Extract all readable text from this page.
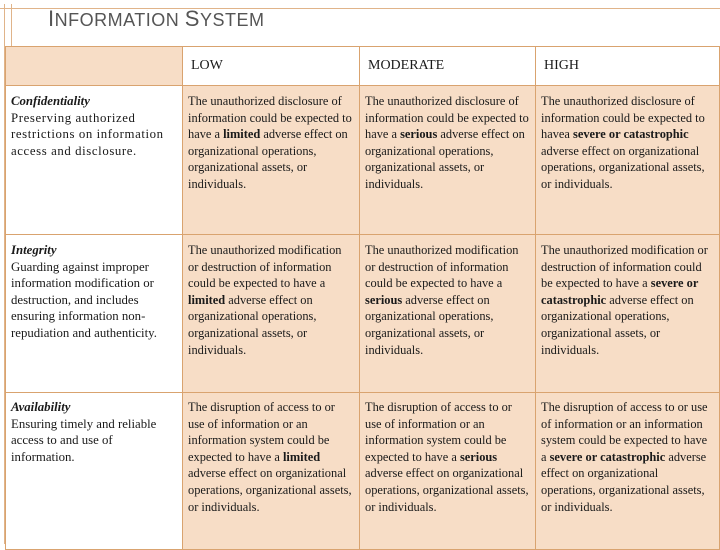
INFORMATION SYSTEM
	LOW	MODERATE	HIGH

Confidentiality
Preserving authorized restrictions on information access and disclosure.	The unauthorized disclosure of information could be expected to have a limited adverse effect on organizational operations, organizational assets, or individuals.	The unauthorized disclosure of information could be expected to have a serious adverse effect on organizational operations, organizational assets, or individuals.	The unauthorized disclosure of information could be expected to havea severe or catastrophic adverse effect on organizational operations, organizational assets, or individuals.

Integrity
Guarding against improper information modification or destruction, and includes ensuring information non-repudiation and authenticity.	The unauthorized modification or destruction of information could be expected to have a limited adverse effect on organizational operations, organizational assets, or individuals.	The unauthorized modification or destruction of information could be expected to have a serious adverse effect on organizational operations, organizational assets, or individuals.	The unauthorized modification or destruction of information could be expected to have a severe or catastrophic adverse effect on organizational operations, organizational assets, or individuals.

Availability
Ensuring timely and reliable access to and use of information.	The disruption of access to or use of information or an information system could be expected to have a limited adverse effect on organizational operations, organizational assets, or individuals.	The disruption of access to or use of information or an information system could be expected to have a serious adverse effect on organizational operations, organizational assets, or individuals.	The disruption of access to or use of information or an information system could be expected to have a severe or catastrophic adverse effect on organizational operations, organizational assets, or individuals.
